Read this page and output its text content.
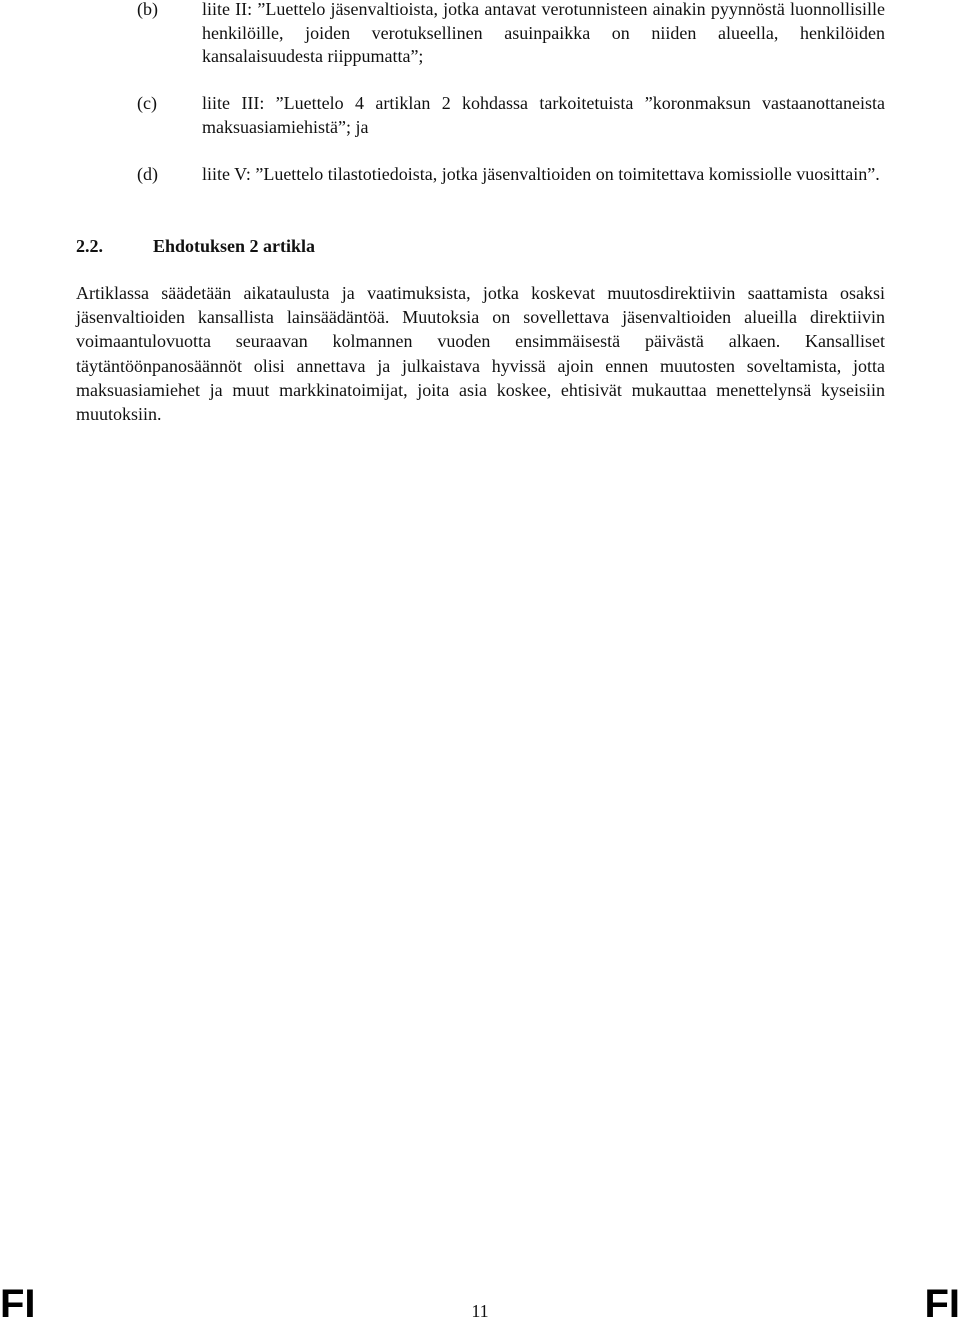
(b) liite II: ”Luettelo jäsenvaltioista, jotka antavat verotunnisteen ainakin pyynnöstä luonnollisille henkilöille, joiden verotuksellinen asuinpaikka on niiden alueella, henkilöiden kansalaisuudesta riippumatta”;
(c)	liite III: ”Luettelo 4 artiklan 2 kohdassa tarkoitetuista ”koronmaksun vastaanottaneista maksuasiamiehistä”; ja
(d) liite V: ”Luettelo tilastotiedoista, jotka jäsenvaltioiden on toimitettava komissiolle vuosittain”.
2.2.	Ehdotuksen 2 artikla
Artiklassa säädetään aikataulusta ja vaatimuksista, jotka koskevat muutosdirektiivin saattamista osaksi jäsenvaltioiden kansallista lainsäädäntöä. Muutoksia on sovellettava jäsenvaltioiden alueilla direktiivin voimaantulovuotta seuraavan kolmannen vuoden ensimmäisestä päivästä alkaen. Kansalliset täytäntöönpanosäännöt olisi annettava ja julkaistava hyvissä ajoin ennen muutosten soveltamista, jotta maksuasiamiehet ja muut markkinatoimijat, joita asia koskee, ehtisivät mukauttaa menettelynsä kyseisiin muutoksiin.
FI	11	FI
